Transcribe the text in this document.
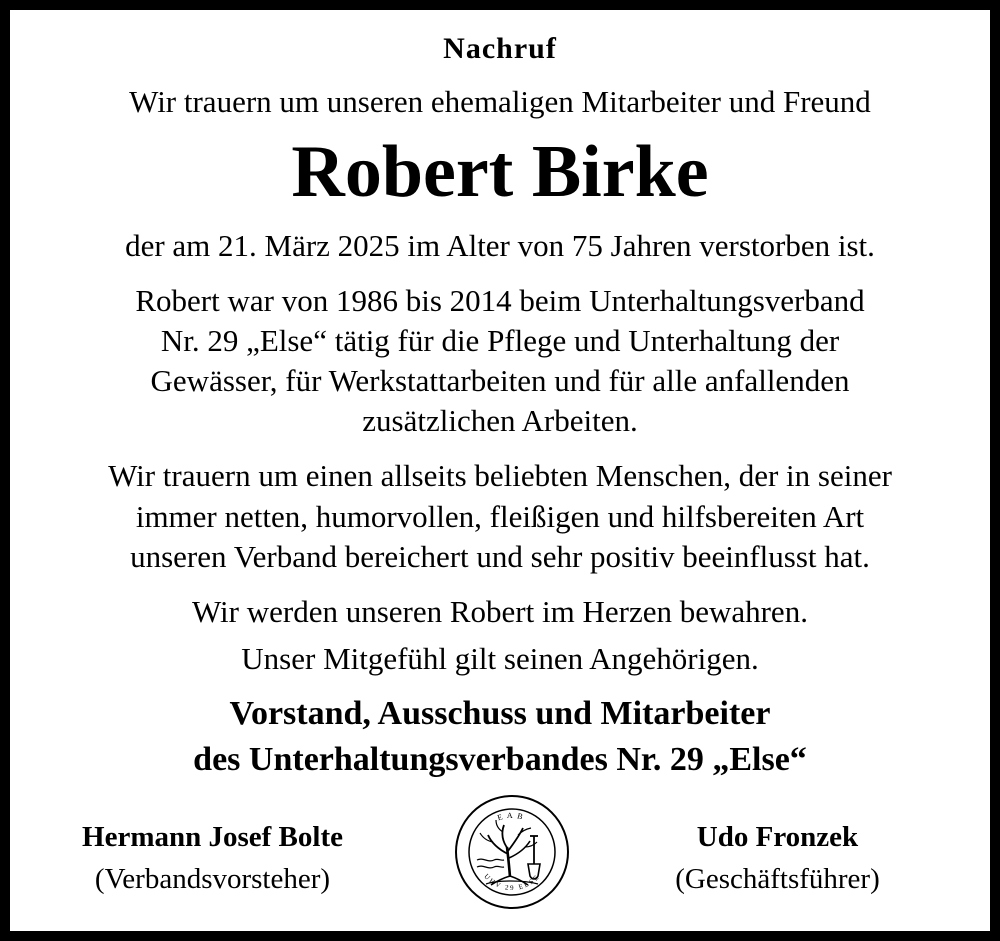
Nachruf
Wir trauern um unseren ehemaligen Mitarbeiter und Freund
Robert Birke
der am 21. März 2025 im Alter von 75 Jahren verstorben ist.
Robert war von 1986 bis 2014 beim Unterhaltungsverband
Nr. 29 „Else“ tätig für die Pflege und Unterhaltung der
Gewässer, für Werkstattarbeiten und für alle anfallenden
zusätzlichen Arbeiten.
Wir trauern um einen allseits beliebten Menschen, der in seiner
immer netten, humorvollen, fleißigen und hilfsbereiten Art
unseren Verband bereichert und sehr positiv beeinflusst hat.
Wir werden unseren Robert im Herzen bewahren.
Unser Mitgefühl gilt seinen Angehörigen.
Vorstand, Ausschuss und Mitarbeiter
des Unterhaltungsverbandes Nr. 29 „Else“
Hermann Josef Bolte
(Verbandsvorsteher)
Udo Fronzek
(Geschäftsführer)
EAB
UHV 29 ELSE
